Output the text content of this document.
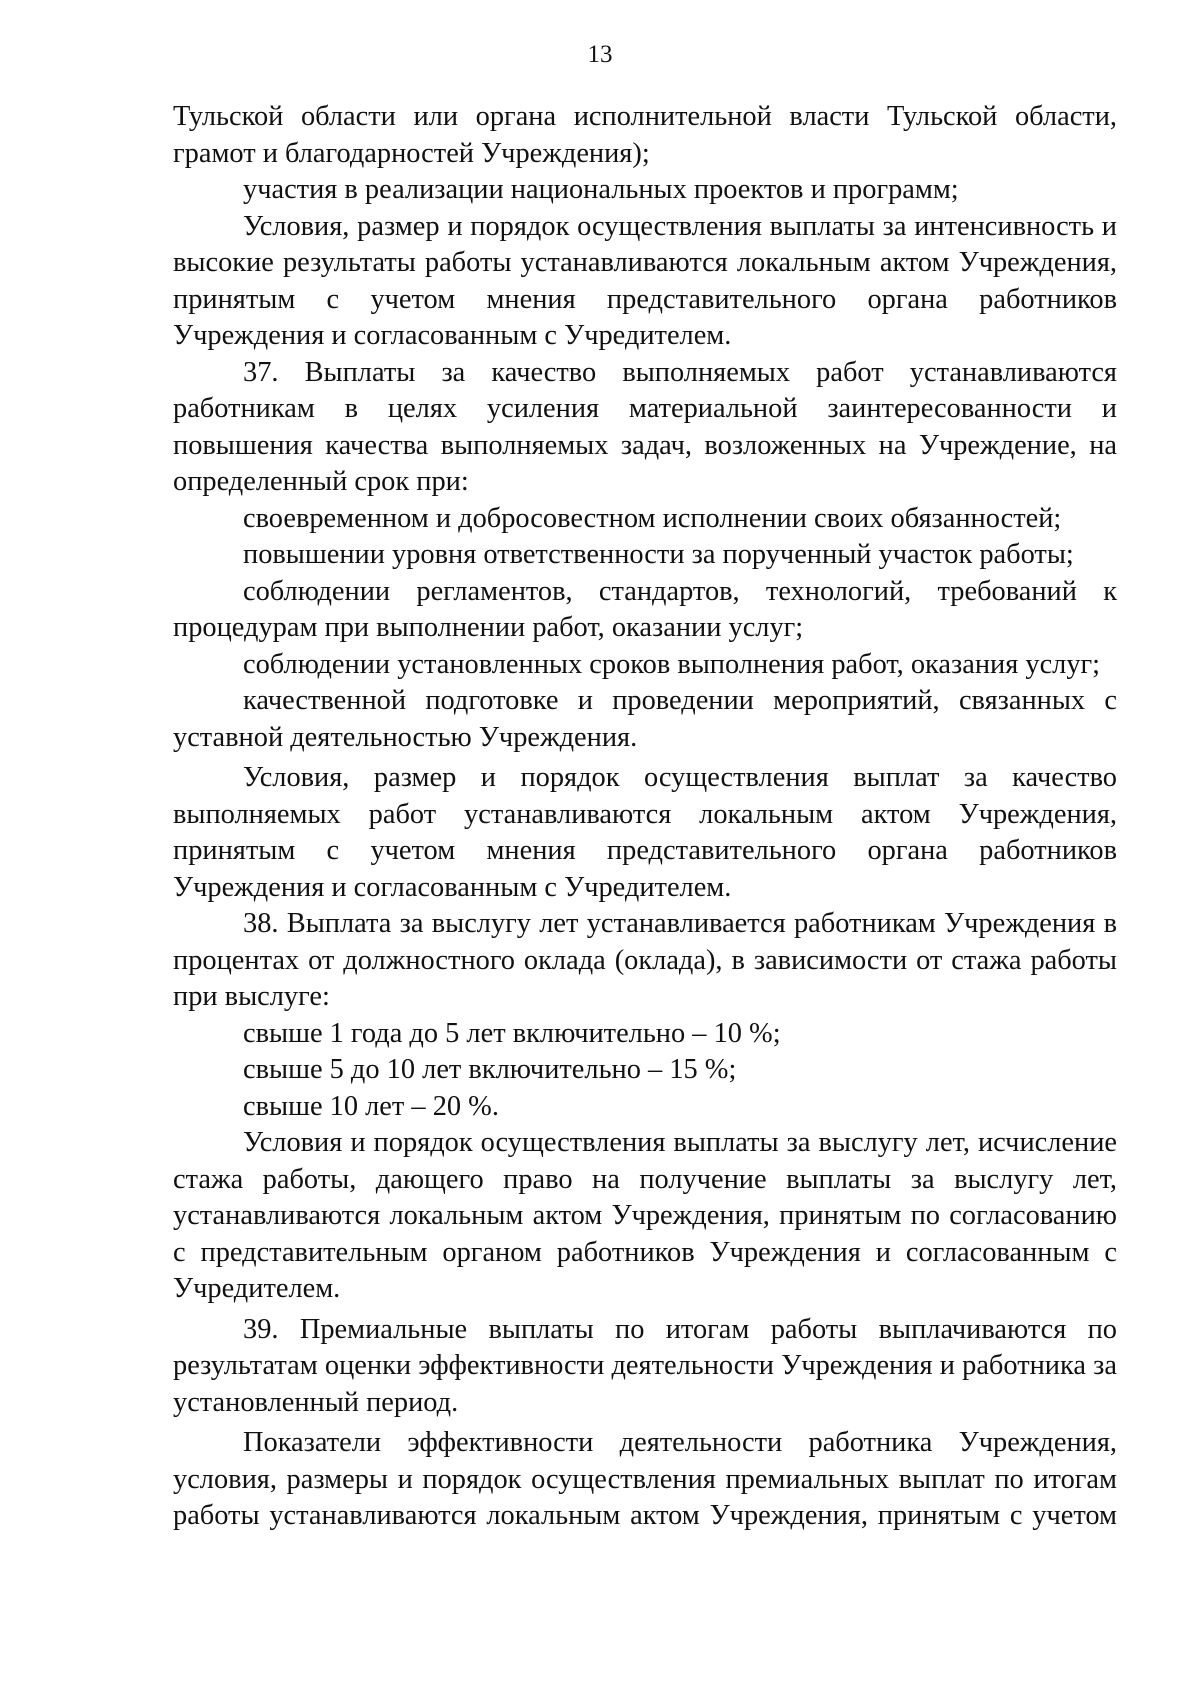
13

Тульской области или органа исполнительной власти Тульской области, грамот и благодарностей Учреждения);

участия в реализации национальных проектов и программ;

Условия, размер и порядок осуществления выплаты за интенсивность и высокие результаты работы устанавливаются локальным актом Учреждения, принятым с учетом мнения представительного органа работников Учреждения и согласованным с Учредителем.

37. Выплаты за качество выполняемых работ устанавливаются работникам в целях усиления материальной заинтересованности и повышения качества выполняемых задач, возложенных на Учреждение, на определенный срок при:

своевременном и добросовестном исполнении своих обязанностей;

повышении уровня ответственности за порученный участок работы;

соблюдении регламентов, стандартов, технологий, требований к процедурам при выполнении работ, оказании услуг;

соблюдении установленных сроков выполнения работ, оказания услуг;

качественной подготовке и проведении мероприятий, связанных с уставной деятельностью Учреждения.

Условия, размер и порядок осуществления выплат за качество выполняемых работ устанавливаются локальным актом Учреждения, принятым с учетом мнения представительного органа работников Учреждения и согласованным с Учредителем.

38. Выплата за выслугу лет устанавливается работникам Учреждения в процентах от должностного оклада (оклада), в зависимости от стажа работы при выслуге:

свыше 1 года до 5 лет включительно – 10 %;

свыше 5 до 10 лет включительно – 15 %;

свыше 10 лет – 20 %.

Условия и порядок осуществления выплаты за выслугу лет, исчисление стажа работы, дающего право на получение выплаты за выслугу лет, устанавливаются локальным актом Учреждения, принятым по согласованию с представительным органом работников Учреждения и согласованным с Учредителем.

39. Премиальные выплаты по итогам работы выплачиваются по результатам оценки эффективности деятельности Учреждения и работника за установленный период.

Показатели эффективности деятельности работника Учреждения, условия, размеры и порядок осуществления премиальных выплат по итогам работы устанавливаются локальным актом Учреждения, принятым с учетом
